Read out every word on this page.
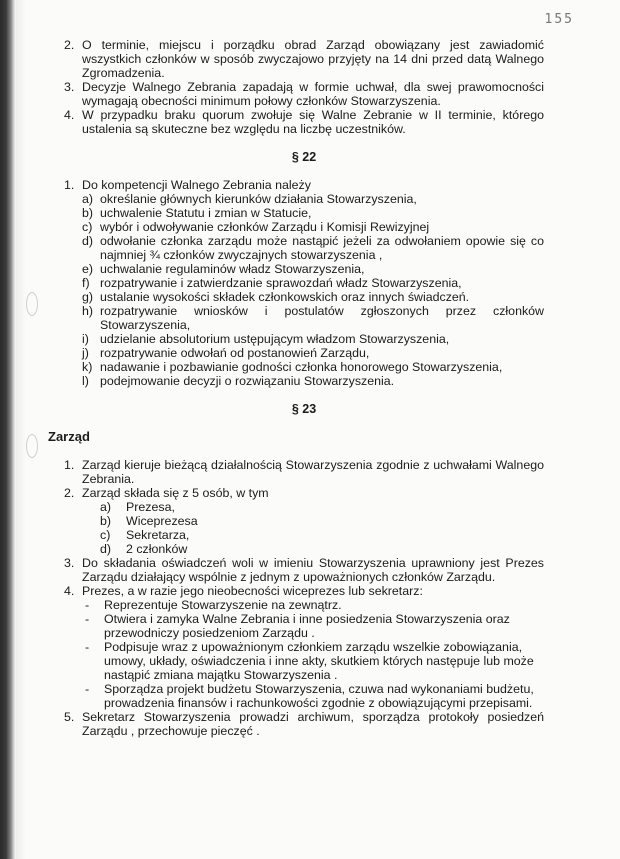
155
2. O terminie, miejscu i porządku obrad Zarząd obowiązany jest zawiadomić wszystkich członków w sposób zwyczajowo przyjęty na 14 dni przed datą Walnego Zgromadzenia.
3. Decyzje Walnego Zebrania zapadają w formie uchwał, dla swej prawomocności wymagają obecności minimum połowy członków Stowarzyszenia.
4. W przypadku braku quorum zwołuje się Walne Zebranie w II terminie, którego ustalenia są skuteczne bez względu na liczbę uczestników.
§ 22
1. Do kompetencji Walnego Zebrania należy
a) określanie głównych kierunków działania Stowarzyszenia,
b) uchwalenie Statutu i zmian w Statucie,
c) wybór i odwoływanie członków Zarządu i Komisji Rewizyjnej
d) odwołanie członka zarządu może nastąpić jeżeli za odwołaniem opowie się co najmniej ¾ członków zwyczajnych stowarzyszenia ,
e) uchwalanie regulaminów władz Stowarzyszenia,
f) rozpatrywanie i zatwierdzanie sprawozdań władz Stowarzyszenia,
g) ustalanie wysokości składek członkowskich oraz innych świadczeń.
h) rozpatrywanie wniosków i postulatów zgłoszonych przez członków Stowarzyszenia,
i) udzielanie absolutorium ustępującym władzom Stowarzyszenia,
j) rozpatrywanie odwołań od postanowień Zarządu,
k) nadawanie i pozbawianie godności członka honorowego Stowarzyszenia,
l) podejmowanie decyzji o rozwiązaniu Stowarzyszenia.
§ 23
Zarząd
1. Zarząd kieruje bieżącą działalnością Stowarzyszenia zgodnie z uchwałami Walnego Zebrania.
2. Zarząd składa się z 5 osób, w tym
a) Prezesa,
b) Wiceprezesa
c) Sekretarza,
d) 2 członków
3. Do składania oświadczeń woli w imieniu Stowarzyszenia uprawniony jest Prezes Zarządu działający wspólnie z jednym z upoważnionych członków Zarządu.
4. Prezes, a w razie jego nieobecności wiceprezes lub sekretarz:
- Reprezentuje Stowarzyszenie na zewnątrz.
- Otwiera i zamyka Walne Zebrania i inne posiedzenia Stowarzyszenia oraz przewodniczy posiedzeniom Zarządu .
- Podpisuje wraz z upoważnionym członkiem zarządu wszelkie zobowiązania, umowy, układy, oświadczenia i inne akty, skutkiem których następuje lub może nastąpić zmiana majątku Stowarzyszenia .
- Sporządza projekt budżetu Stowarzyszenia, czuwa nad wykonaniami budżetu, prowadzenia finansów i rachunkowości zgodnie z obowiązującymi przepisami.
5. Sekretarz Stowarzyszenia prowadzi archiwum, sporządza protokoły posiedzeń Zarządu , przechowuje pieczęć .
